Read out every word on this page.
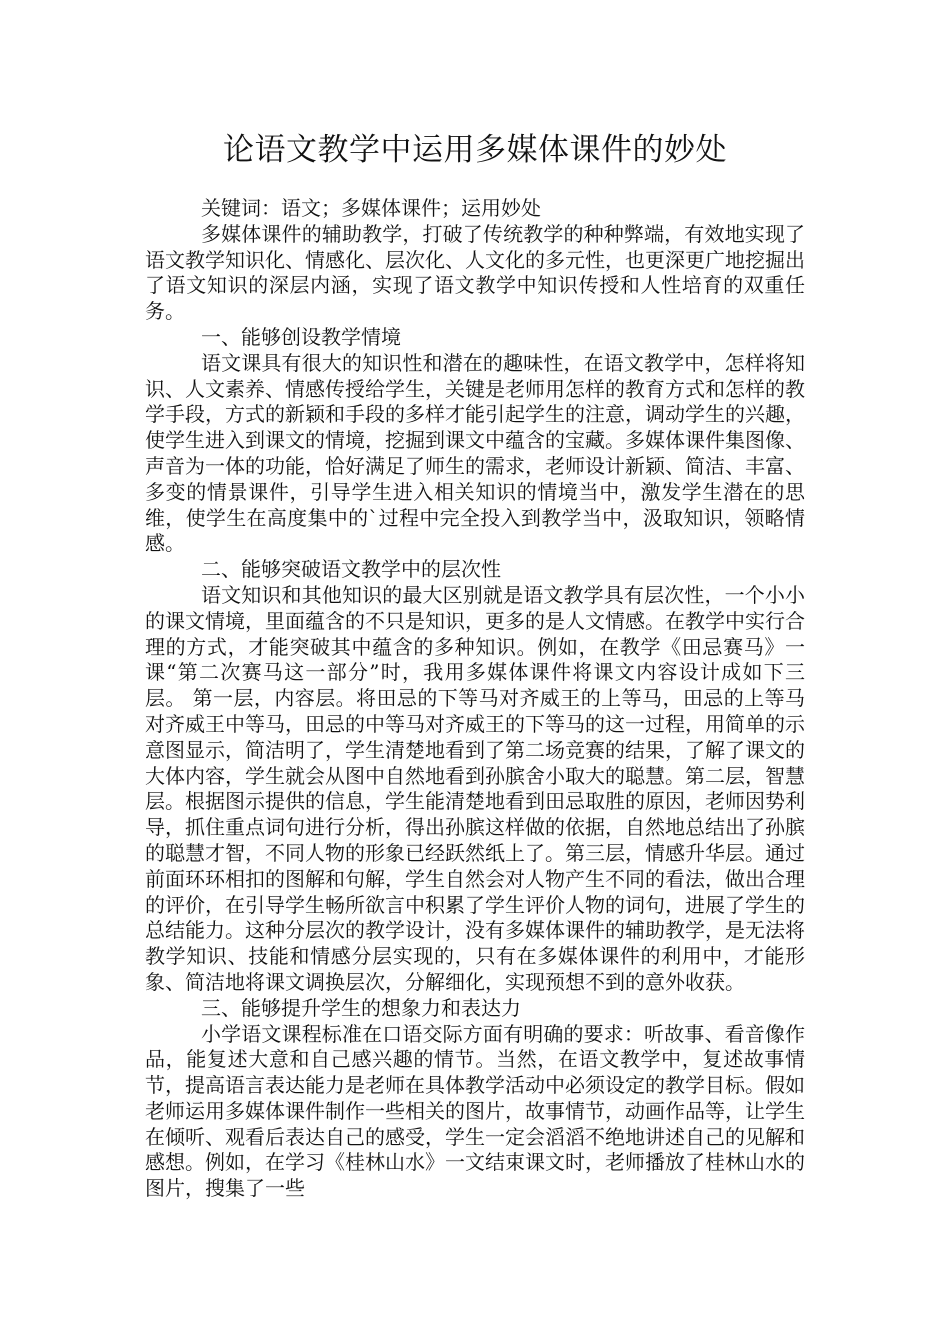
论语文教学中运用多媒体课件的妙处

关键词：语文；多媒体课件；运用妙处

多媒体课件的辅助教学，打破了传统教学的种种弊端，有效地实现了语文教学知识化、情感化、层次化、人文化的多元性，也更深更广地挖掘出了语文知识的深层内涵，实现了语文教学中知识传授和人性培育的双重任务。

一、能够创设教学情境

语文课具有很大的知识性和潜在的趣味性，在语文教学中，怎样将知识、人文素养、情感传授给学生，关键是老师用怎样的教育方式和怎样的教学手段，方式的新颖和手段的多样才能引起学生的注意，调动学生的兴趣，使学生进入到课文的情境，挖掘到课文中蕴含的宝藏。多媒体课件集图像、声音为一体的功能，恰好满足了师生的需求，老师设计新颖、简洁、丰富、多变的情景课件，引导学生进入相关知识的情境当中，激发学生潜在的思维，使学生在高度集中的`过程中完全投入到教学当中，汲取知识，领略情感。

二、能够突破语文教学中的层次性

语文知识和其他知识的最大区别就是语文教学具有层次性，一个小小的课文情境，里面蕴含的不只是知识，更多的是人文情感。在教学中实行合理的方式，才能突破其中蕴含的多种知识。例如，在教学《田忌赛马》一课“第二次赛马这一部分”时，我用多媒体课件将课文内容设计成如下三层。 第一层，内容层。将田忌的下等马对齐威王的上等马，田忌的上等马对齐威王中等马，田忌的中等马对齐威王的下等马的这一过程，用简单的示意图显示，简洁明了，学生清楚地看到了第二场竞赛的结果，了解了课文的大体内容，学生就会从图中自然地看到孙膑舍小取大的聪慧。第二层，智慧层。根据图示提供的信息，学生能清楚地看到田忌取胜的原因，老师因势利导，抓住重点词句进行分析，得出孙膑这样做的依据，自然地总结出了孙膑的聪慧才智，不同人物的形象已经跃然纸上了。第三层，情感升华层。通过前面环环相扣的图解和句解，学生自然会对人物产生不同的看法，做出合理的评价，在引导学生畅所欲言中积累了学生评价人物的词句，进展了学生的总结能力。这种分层次的教学设计，没有多媒体课件的辅助教学，是无法将教学知识、技能和情感分层实现的，只有在多媒体课件的利用中，才能形象、简洁地将课文调换层次，分解细化，实现预想不到的意外收获。

三、能够提升学生的想象力和表达力

小学语文课程标准在口语交际方面有明确的要求：听故事、看音像作品，能复述大意和自己感兴趣的情节。当然，在语文教学中，复述故事情节，提高语言表达能力是老师在具体教学活动中必须设定的教学目标。假如老师运用多媒体课件制作一些相关的图片，故事情节，动画作品等，让学生在倾听、观看后表达自己的感受，学生一定会滔滔不绝地讲述自己的见解和感想。例如，在学习《桂林山水》一文结束课文时，老师播放了桂林山水的图片，搜集了一些
